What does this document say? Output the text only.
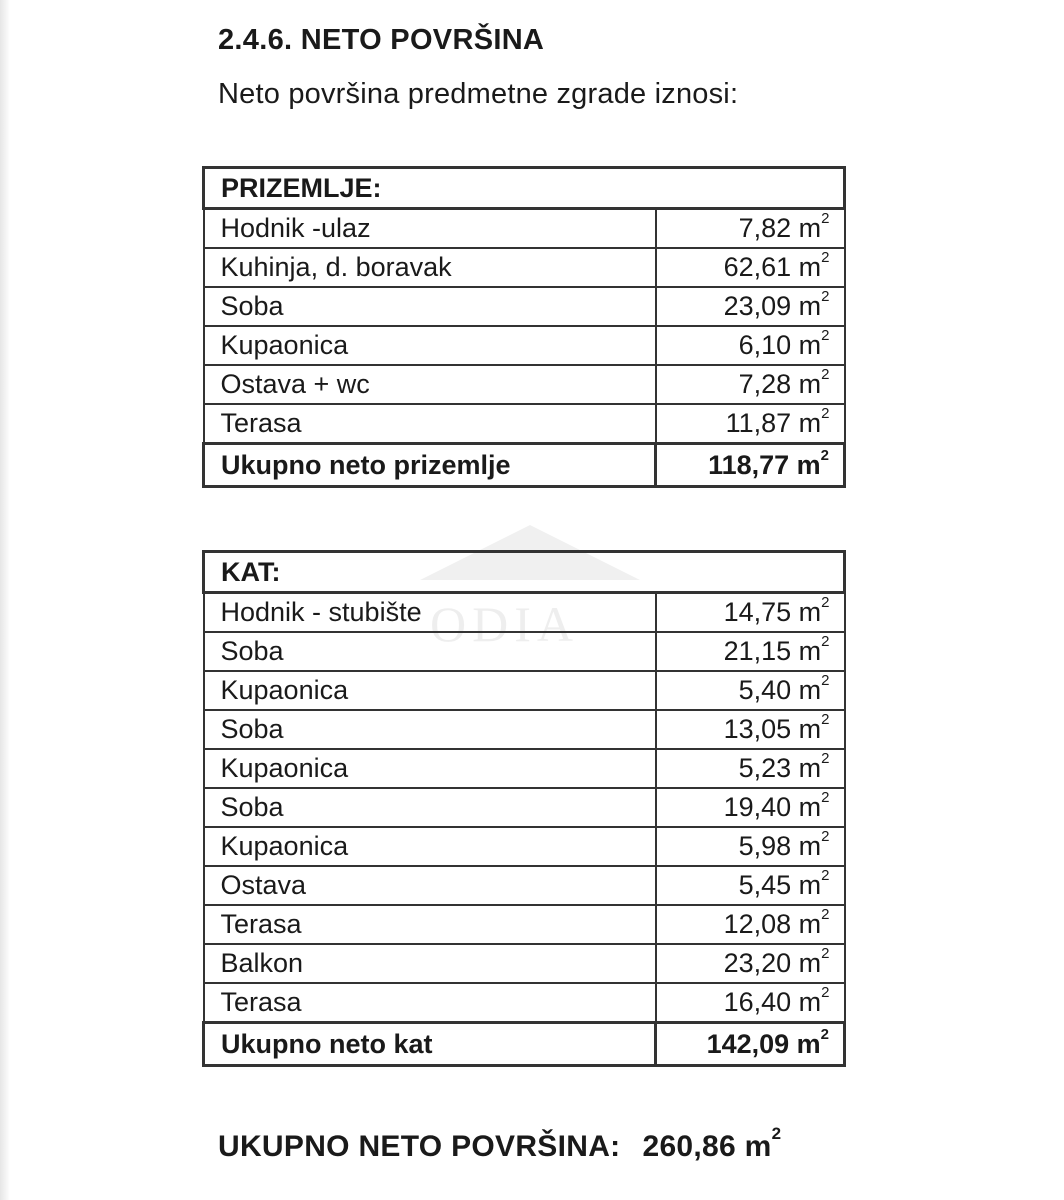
ODIA
2.4.6. NETO POVRŠINA
Neto površina predmetne zgrade iznosi:
PRIZEMLJE:	
Hodnik -ulaz	7,82 $m^2$
Kuhinja, d. boravak	62,61 $m^2$
Soba	23,09 $m^2$
Kupaonica	6,10 $m^2$
Ostava + wc	7,28 $m^2$
Terasa	11,87 $m^2$
Ukupno neto prizemlje	118,77 $m^2$
KAT:	
Hodnik - stubište	14,75 $m^2$
Soba	21,15 $m^2$
Kupaonica	5,40 $m^2$
Soba	13,05 $m^2$
Kupaonica	5,23 $m^2$
Soba	19,40 $m^2$
Kupaonica	5,98 $m^2$
Ostava	5,45 $m^2$
Terasa	12,08 $m^2$
Balkon	23,20 $m^2$
Terasa	16,40 $m^2$
Ukupno neto kat	142,09 $m^2$
UKUPNO NETO POVRŠINA: 260,86 $m^2$
